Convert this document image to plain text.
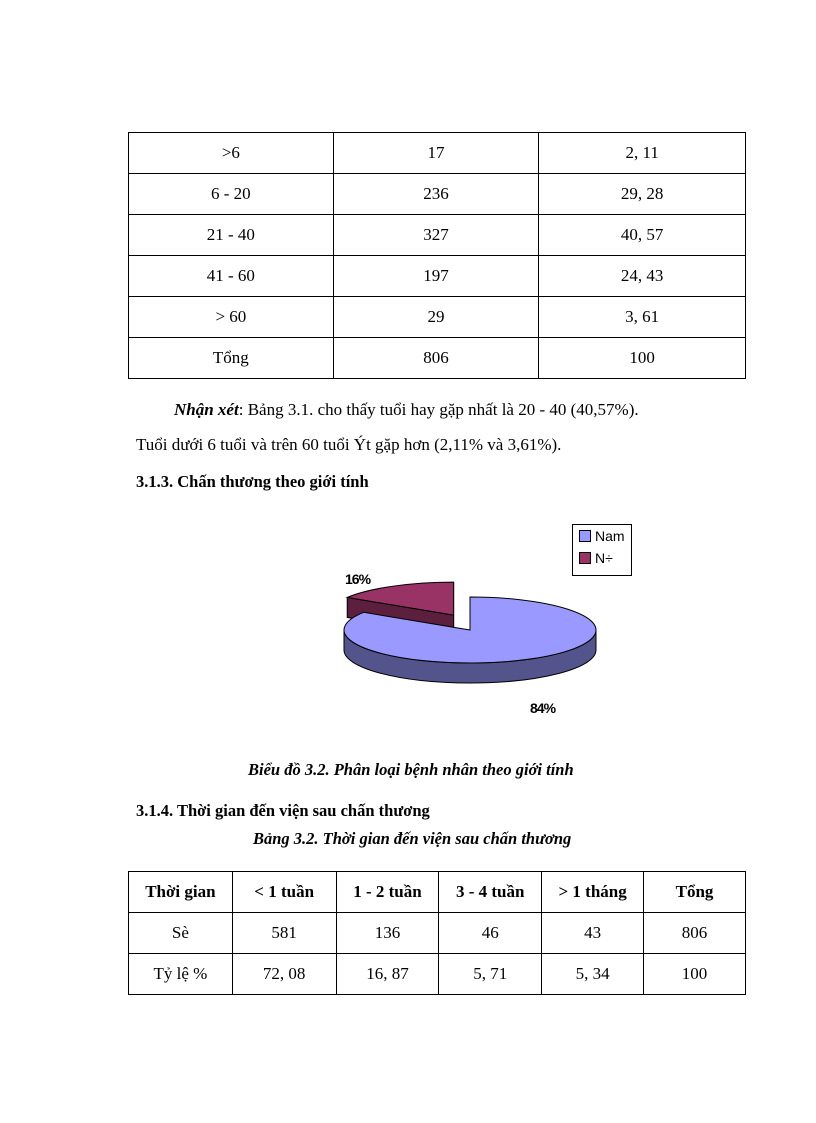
>6	17	2, 11
6 - 20	236	29, 28
21 - 40	327	40, 57
41 - 60	197	24, 43
> 60	29	3, 61
Tổng	806	100
Nhận xét: Bảng 3.1. cho thấy tuổi hay gặp nhất là 20 - 40 (40,57%).
Tuổi dưới 6 tuổi và trên 60 tuổi Ýt gặp hơn (2,11% và 3,61%).
3.1.3. Chấn thương theo giới tính
Nam
N÷
16%
84%
Biểu đồ 3.2. Phân loại bệnh nhân theo giới tính
3.1.4. Thời gian đến viện sau chấn thương
Bảng 3.2. Thời gian đến viện sau chấn thương
Thời gian	< 1 tuần	1 - 2 tuần	3 - 4 tuần	> 1 tháng	Tổng
Sè	581	136	46	43	806
Tỷ lệ %	72, 08	16, 87	5, 71	5, 34	100
